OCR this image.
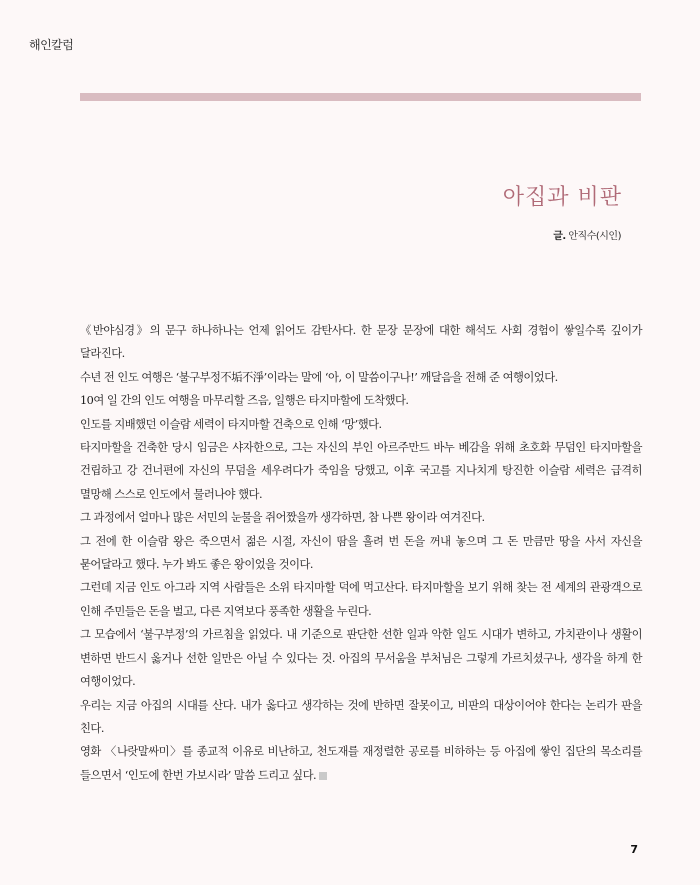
해인칼럼
아집과 비판
글. 안직수(시인)

《반야심경》의 문구 하나하나는 언제 읽어도 감탄사다. 한 문장 문장에 대한 해석도 사회 경험이 쌓일수록 깊이가 달라진다.

수년 전 인도 여행은 ‘불구부정不垢不淨’이라는 말에 ‘아, 이 말씀이구나!’ 깨달음을 전해 준 여행이었다.

10여 일 간의 인도 여행을 마무리할 즈음, 일행은 타지마할에 도착했다.

인도를 지배했던 이슬람 세력이 타지마할 건축으로 인해 ‘망’했다.

타지마할을 건축한 당시 임금은 샤자한으로, 그는 자신의 부인 아르주만드 바누 베감을 위해 초호화 무덤인 타지마할을 건립하고 강 건너편에 자신의 무덤을 세우려다가 죽임을 당했고, 이후 국고를 지나치게 탕진한 이슬람 세력은 급격히 멸망해 스스로 인도에서 물러나야 했다.

그 과정에서 얼마나 많은 서민의 눈물을 쥐어짰을까 생각하면, 참 나쁜 왕이라 여겨진다.

그 전에 한 이슬람 왕은 죽으면서 젊은 시절, 자신이 땀을 흘려 번 돈을 꺼내 놓으며 그 돈 만큼만 땅을 사서 자신을 묻어달라고 했다. 누가 봐도 좋은 왕이었을 것이다.

그런데 지금 인도 아그라 지역 사람들은 소위 타지마할 덕에 먹고산다. 타지마할을 보기 위해 찾는 전 세계의 관광객으로 인해 주민들은 돈을 벌고, 다른 지역보다 풍족한 생활을 누린다.

그 모습에서 ‘불구부정’의 가르침을 읽었다. 내 기준으로 판단한 선한 일과 악한 일도 시대가 변하고, 가치관이나 생활이 변하면 반드시 옳거나 선한 일만은 아닐 수 있다는 것. 아집의 무서움을 부처님은 그렇게 가르치셨구나, 생각을 하게 한 여행이었다.

우리는 지금 아집의 시대를 산다. 내가 옳다고 생각하는 것에 반하면 잘못이고, 비판의 대상이어야 한다는 논리가 판을 친다.

영화 〈나랏말싸미〉를 종교적 이유로 비난하고, 천도재를 재정렬한 공로를 비하하는 등 아집에 쌓인 집단의 목소리를 들으면서 ‘인도에 한번 가보시라’ 말씀 드리고 싶다.

7
